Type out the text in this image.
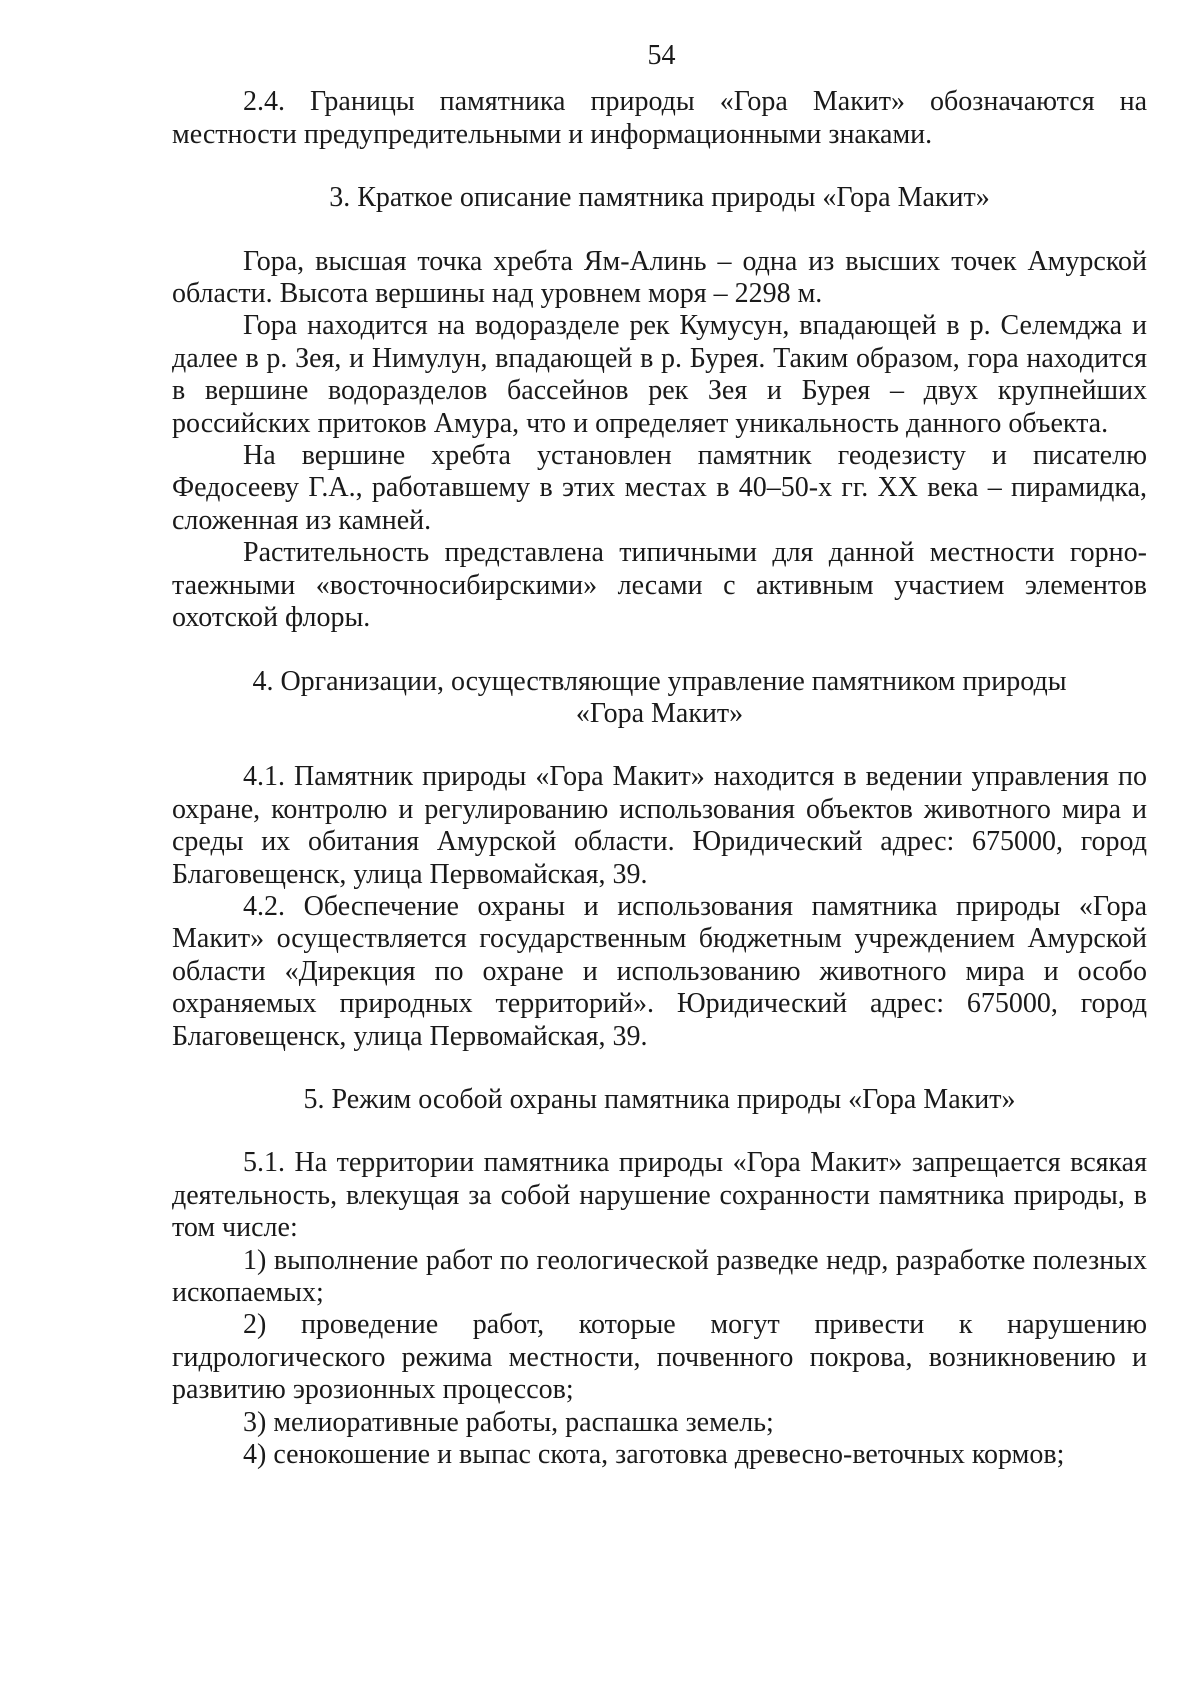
54

2.4. Границы памятника природы «Гора Макит» обозначаются на местности предупредительными и информационными знаками.

3. Краткое описание памятника природы «Гора Макит»

Гора, высшая точка хребта Ям-Алинь – одна из высших точек Амурской области. Высота вершины над уровнем моря – 2298 м.

Гора находится на водоразделе рек Кумусун, впадающей в р. Селемджа и далее в р. Зея, и Нимулун, впадающей в р. Бурея. Таким образом, гора находится в вершине водоразделов бассейнов рек Зея и Бурея – двух крупнейших российских притоков Амура, что и определяет уникальность данного объекта.

На вершине хребта установлен памятник геодезисту и писателю Федосееву Г.А., работавшему в этих местах в 40–50-х гг. XX века – пирамидка, сложенная из камней.

Растительность представлена типичными для данной местности горно-таежными «восточносибирскими» лесами с активным участием элементов охотской флоры.

4. Организации, осуществляющие управление памятником природы
«Гора Макит»

4.1. Памятник природы «Гора Макит» находится в ведении управления по охране, контролю и регулированию использования объектов животного мира и среды их обитания Амурской области. Юридический адрес: 675000, город Благовещенск, улица Первомайская, 39.

4.2. Обеспечение охраны и использования памятника природы «Гора Макит» осуществляется государственным бюджетным учреждением Амурской области «Дирекция по охране и использованию животного мира и особо охраняемых природных территорий». Юридический адрес: 675000, город Благовещенск, улица Первомайская, 39.

5. Режим особой охраны памятника природы «Гора Макит»

5.1. На территории памятника природы «Гора Макит» запрещается всякая деятельность, влекущая за собой нарушение сохранности памятника природы, в том числе:

1) выполнение работ по геологической разведке недр, разработке полезных ископаемых;

2) проведение работ, которые могут привести к нарушению гидрологического режима местности, почвенного покрова, возникновению и развитию эрозионных процессов;

3) мелиоративные работы, распашка земель;

4) сенокошение и выпас скота, заготовка древесно-веточных кормов;
